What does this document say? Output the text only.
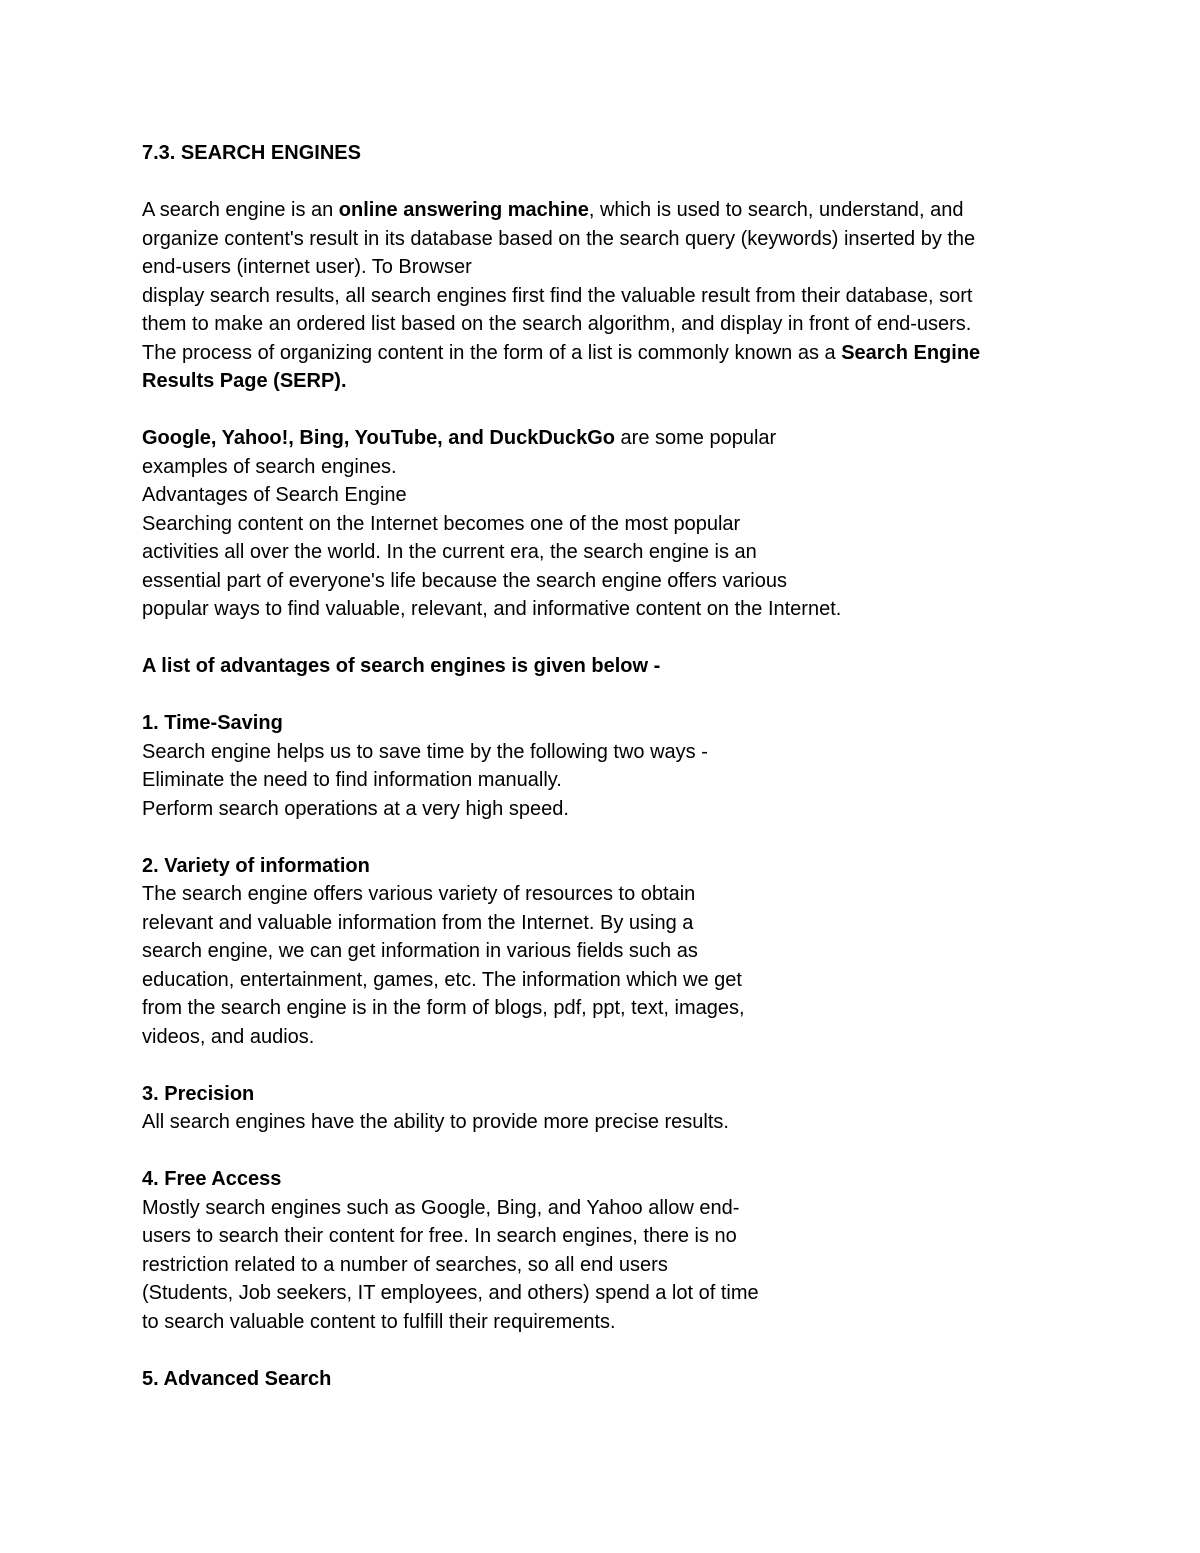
7.3. SEARCH ENGINES
A search engine is an online answering machine, which is used to search, understand, and
organize content's result in its database based on the search query (keywords) inserted by the
end-users (internet user). To Browser
display search results, all search engines first find the valuable result from their database, sort
them to make an ordered list based on the search algorithm, and display in front of end-users.
The process of organizing content in the form of a list is commonly known as a Search Engine
Results Page (SERP).
Google, Yahoo!, Bing, YouTube, and DuckDuckGo are some popular
examples of search engines.
Advantages of Search Engine
Searching content on the Internet becomes one of the most popular
activities all over the world. In the current era, the search engine is an
essential part of everyone's life because the search engine offers various
popular ways to find valuable, relevant, and informative content on the Internet.
A list of advantages of search engines is given below -
1. Time-Saving
Search engine helps us to save time by the following two ways -
Eliminate the need to find information manually.
Perform search operations at a very high speed.
2. Variety of information
The search engine offers various variety of resources to obtain
relevant and valuable information from the Internet. By using a
search engine, we can get information in various fields such as
education, entertainment, games, etc. The information which we get
from the search engine is in the form of blogs, pdf, ppt, text, images,
videos, and audios.
3. Precision
All search engines have the ability to provide more precise results.
4. Free Access
Mostly search engines such as Google, Bing, and Yahoo allow end-
users to search their content for free. In search engines, there is no
restriction related to a number of searches, so all end users
(Students, Job seekers, IT employees, and others) spend a lot of time
to search valuable content to fulfill their requirements.
5. Advanced Search
